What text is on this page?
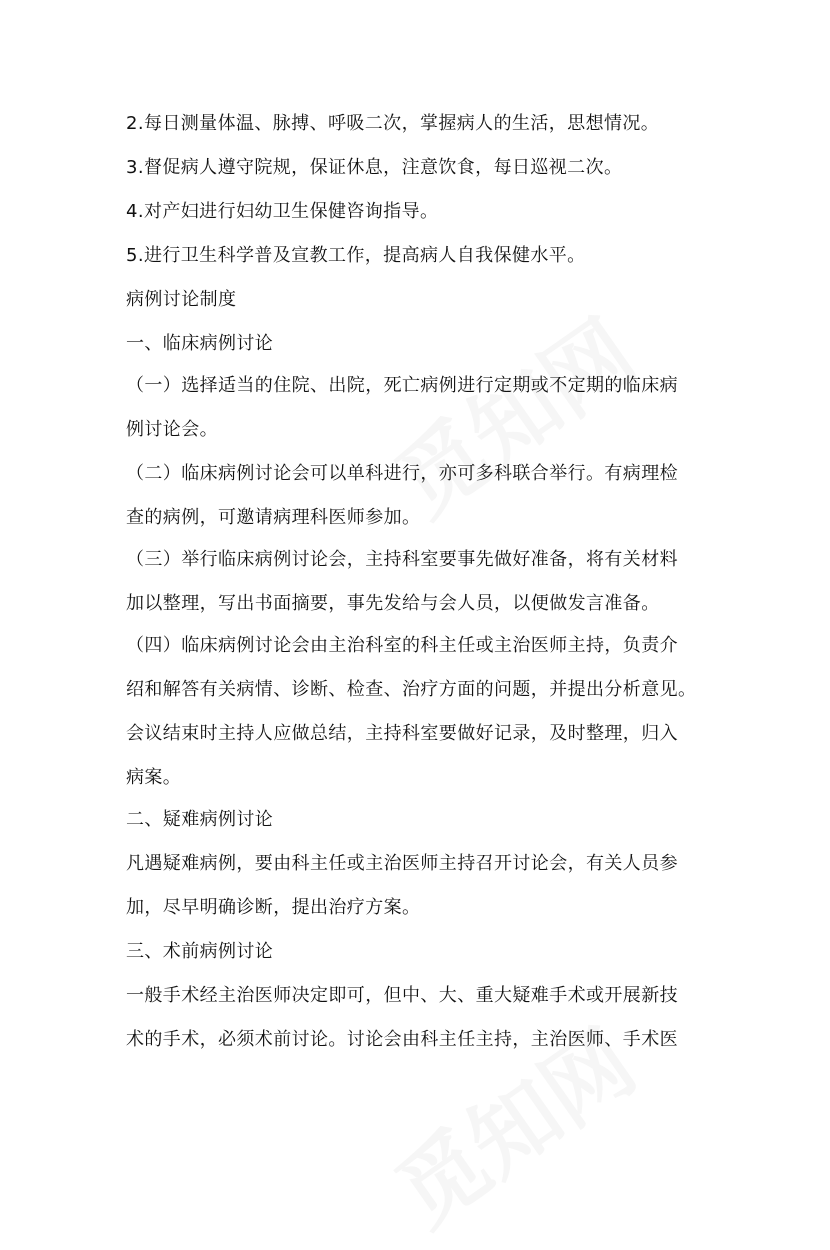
2.每日测量体温、脉搏、呼吸二次，掌握病人的生活，思想情况。
3.督促病人遵守院规，保证休息，注意饮食，每日巡视二次。
4.对产妇进行妇幼卫生保健咨询指导。
5.进行卫生科学普及宣教工作，提高病人自我保健水平。
病例讨论制度
一、临床病例讨论
（一）选择适当的住院、出院，死亡病例进行定期或不定期的临床病
例讨论会。
（二）临床病例讨论会可以单科进行，亦可多科联合举行。有病理检
查的病例，可邀请病理科医师参加。
（三）举行临床病例讨论会，主持科室要事先做好准备，将有关材料
加以整理，写出书面摘要，事先发给与会人员，以便做发言准备。
（四）临床病例讨论会由主治科室的科主任或主治医师主持，负责介
绍和解答有关病情、诊断、检查、治疗方面的问题，并提出分析意见。
会议结束时主持人应做总结，主持科室要做好记录，及时整理，归入
病案。
二、疑难病例讨论
凡遇疑难病例，要由科主任或主治医师主持召开讨论会，有关人员参
加，尽早明确诊断，提出治疗方案。
三、术前病例讨论
一般手术经主治医师决定即可，但中、大、重大疑难手术或开展新技
术的手术，必须术前讨论。讨论会由科主任主持，主治医师、手术医
